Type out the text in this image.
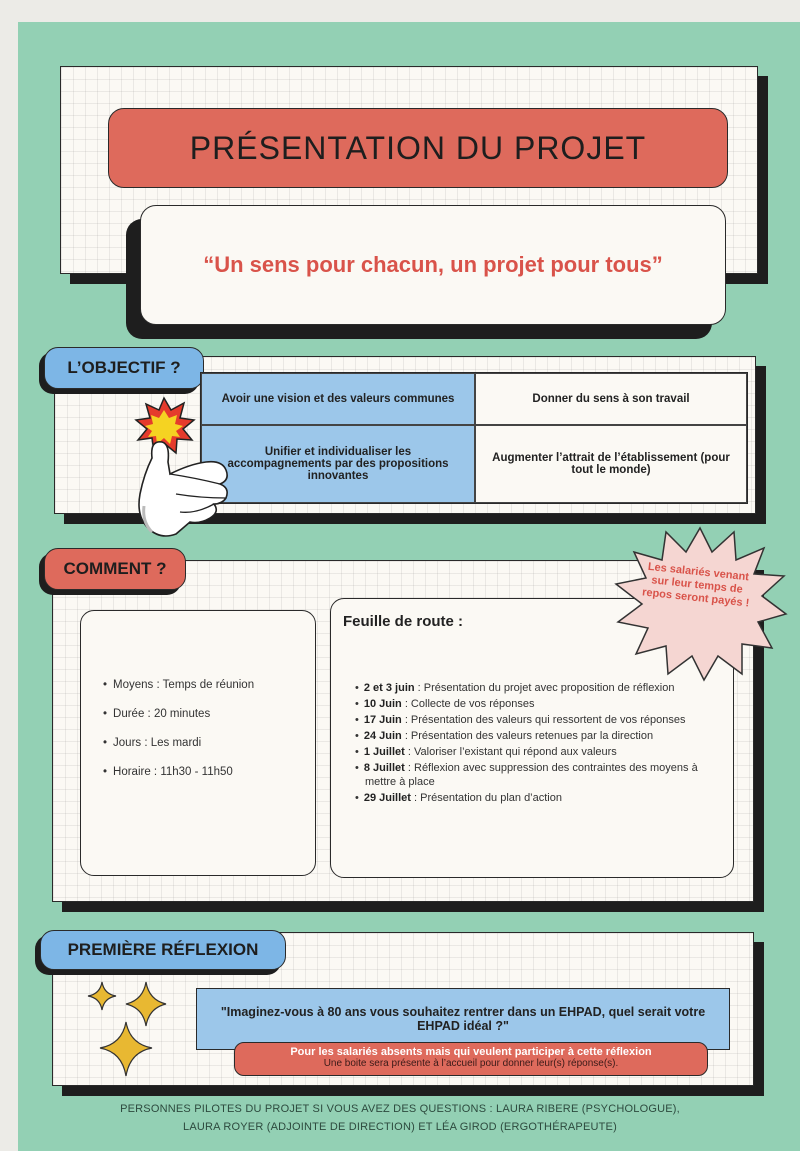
PRÉSENTATION DU PROJET
“Un sens pour chacun, un projet pour tous”
L’OBJECTIF ?
Avoir une vision et des valeurs communes	Donner du sens à son travail
Unifier et individualiser les accompagnements par des propositions innovantes
Augmenter l’attrait de l’établissement (pour tout le monde)
COMMENT ?
• Moyens : Temps de réunion
• Durée : 20 minutes
• Jours : Les mardi
• Horaire : 11h30 - 11h50
Feuille de route :
• 2 et 3 juin : Présentation du projet avec proposition de réflexion
• 10 Juin : Collecte de vos réponses
• 17 Juin : Présentation des valeurs qui ressortent de vos réponses
• 24 Juin : Présentation des valeurs retenues par la direction
• 1 Juillet : Valoriser l’existant qui répond aux valeurs
• 8 Juillet : Réflexion avec suppression des contraintes des moyens à mettre à place
• 29 Juillet : Présentation du plan d’action
Les salariés venant sur leur temps de repos seront payés !
PREMIÈRE RÉFLEXION
"Imaginez-vous à 80 ans vous souhaitez rentrer dans un EHPAD, quel serait votre EHPAD idéal ?"
Pour les salariés absents mais qui veulent participer à cette réflexion
Une boite sera présente à l’accueil pour donner leur(s) réponse(s).
PERSONNES PILOTES DU PROJET SI VOUS AVEZ DES QUESTIONS : LAURA RIBERE (PSYCHOLOGUE),
LAURA ROYER (ADJOINTE DE DIRECTION) ET LÉA GIROD (ERGOTHÉRAPEUTE)
